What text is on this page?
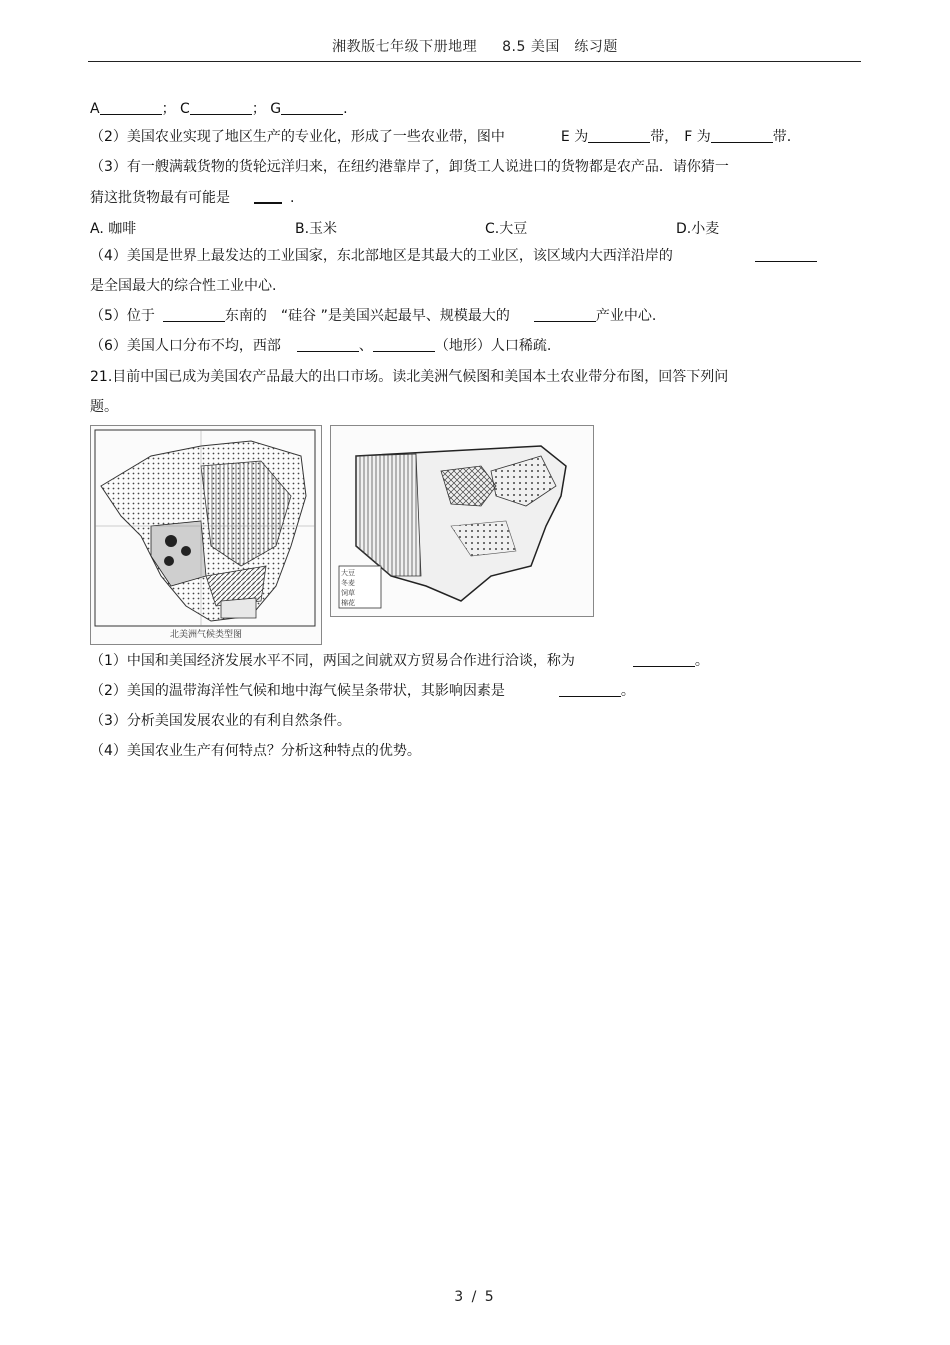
湘教版七年级下册地理 8.5 美国　练习题
A	； C	； G	.
（2）美国农业实现了地区生产的专业化，形成了一些农业带，图中	E 为	带， F 为	带.
（3）有一艘满载货物的货轮远洋归来，在纽约港靠岸了，卸货工人说进口的货物都是农产品．请你猜一
猜这批货物最有可能是	.
A. 咖啡	B.玉米	C.大豆	D.小麦
（4）美国是世界上最发达的工业国家，东北部地区是其最大的工业区，该区域内大西洋沿岸的
是全国最大的综合性工业中心.
（5）位于	东南的　“硅谷 ”是美国兴起最早、规模最大的	产业中心.
（6）美国人口分布不均，西部	、	（地形）人口稀疏.
21.目前中国已成为美国农产品最大的出口市场。读北美洲气候图和美国本土农业带分布图，回答下列问
题。
北美洲气候类型图
大豆
冬麦
饲草
棉花
（1）中国和美国经济发展水平不同，两国之间就双方贸易合作进行洽谈，称为	。
（2）美国的温带海洋性气候和地中海气候呈条带状，其影响因素是	。
（3）分析美国发展农业的有利自然条件。
（4）美国农业生产有何特点？分析这种特点的优势。
3 / 5
